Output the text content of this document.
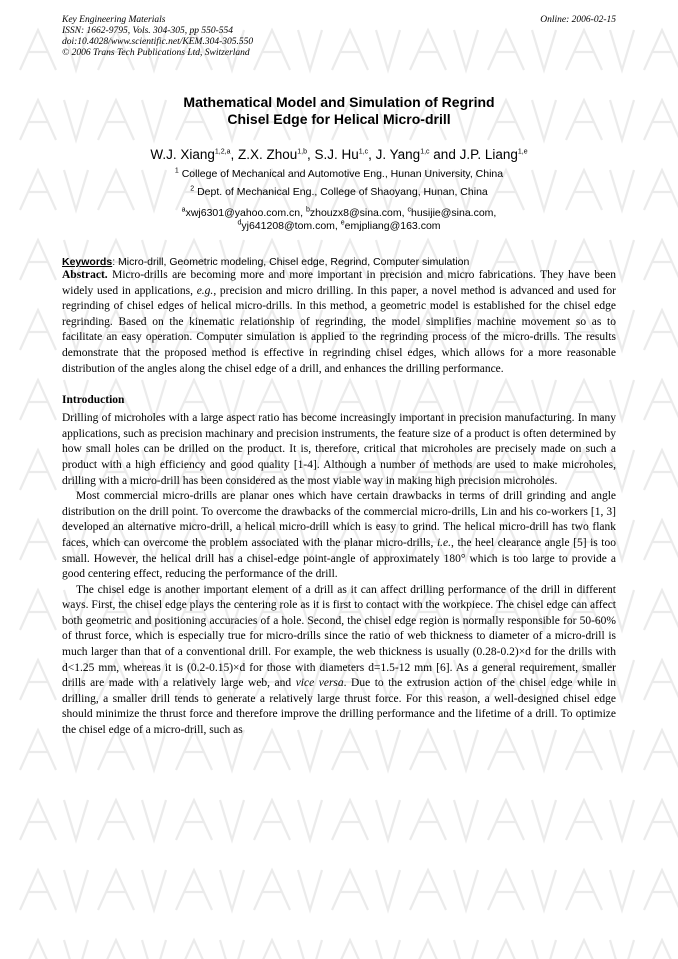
Key Engineering Materials
ISSN: 1662-9795, Vols. 304-305, pp 550-554
doi:10.4028/www.scientific.net/KEM.304-305.550
© 2006 Trans Tech Publications Ltd, Switzerland
Online: 2006-02-15
Mathematical Model and Simulation of Regrind
Chisel Edge for Helical Micro-drill
W.J. Xiang$^{1,2,a}$, Z.X. Zhou$^{1,b}$, S.J. Hu$^{1,c}$, J. Yang$^{1,c}$ and J.P. Liang$^{1,e}$
$^1$ College of Mechanical and Automotive Eng., Hunan University, China
$^2$ Dept. of Mechanical Eng., College of Shaoyang, Hunan, China
$^a$xwj6301@yahoo.com.cn, $^b$zhouzx8@sina.com, $^c$husijie@sina.com,
$^d$yj641208@tom.com, $^e$emjpliang@163.com
Keywords: Micro-drill, Geometric modeling, Chisel edge, Regrind, Computer simulation

Abstract. Micro-drills are becoming more and more important in precision and micro fabrications. They have been widely used in applications, e.g., precision and micro drilling. In this paper, a novel method is advanced and used for regrinding of chisel edges of helical micro-drills. In this method, a geometric model is established for the chisel edge regrinding. Based on the kinematic relationship of regrinding, the model simplifies machine movement so as to facilitate an easy operation. Computer simulation is applied to the regrinding process of the micro-drills. The results demonstrate that the proposed method is effective in regrinding chisel edges, which allows for a more reasonable distribution of the angles along the chisel edge of a drill, and enhances the drilling performance.

Introduction

Drilling of microholes with a large aspect ratio has become increasingly important in precision manufacturing. In many applications, such as precision machinary and precision instruments, the feature size of a product is often determined by how small holes can be drilled on the product. It is, therefore, critical that microholes are precisely made on such a product with a high efficiency and good quality [1-4]. Although a number of methods are used to make microholes, drilling with a micro-drill has been considered as the most viable way in making high precision microholes.

Most commercial micro-drills are planar ones which have certain drawbacks in terms of drill grinding and angle distribution on the drill point. To overcome the drawbacks of the commercial micro-drills, Lin and his co-workers [1, 3] developed an alternative micro-drill, a helical micro-drill which is easy to grind. The helical micro-drill has two flank faces, which can overcome the problem associated with the planar micro-drills, i.e., the heel clearance angle [5] is too small. However, the helical drill has a chisel-edge point-angle of approximately 180° which is too large to provide a good centering effect, reducing the performance of the drill.

The chisel edge is another important element of a drill as it can affect drilling performance of the drill in different ways. First, the chisel edge plays the centering role as it is first to contact with the workpiece. The chisel edge can affect both geometric and positioning accuracies of a hole. Second, the chisel edge region is normally responsible for 50-60% of thrust force, which is especially true for micro-drills since the ratio of web thickness to diameter of a micro-drill is much larger than that of a conventional drill. For example, the web thickness is usually (0.28-0.2)×d for the drills with d<1.25 mm, whereas it is (0.2-0.15)×d for those with diameters d=1.5-12 mm [6]. As a general requirement, smaller drills are made with a relatively large web, and vice versa. Due to the extrusion action of the chisel edge while in drilling, a smaller drill tends to generate a relatively large thrust force. For this reason, a well-designed chisel edge should minimize the thrust force and therefore improve the drilling performance and the lifetime of a drill. To optimize the chisel edge of a micro-drill, such as
